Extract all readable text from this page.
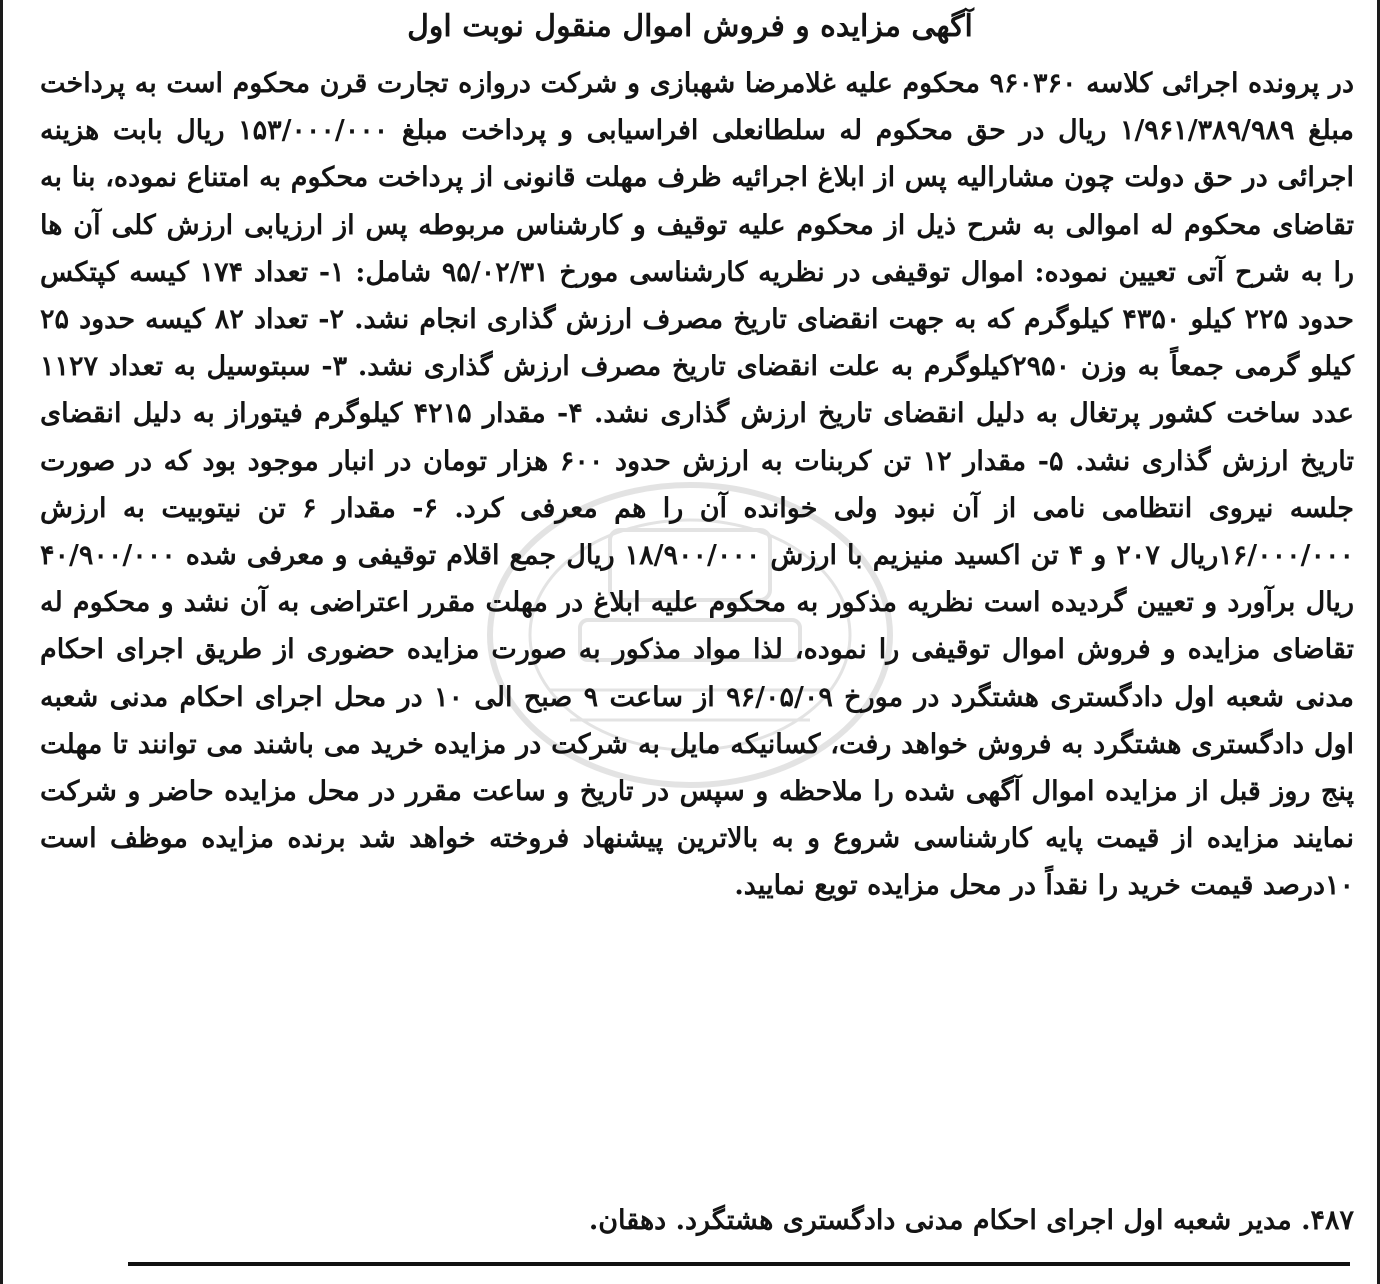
آگهی مزایده و فروش اموال منقول نوبت اول

در پرونده اجرائی کلاسه ۹۶۰۳۶۰ محکوم علیه غلامرضا شهبازی و شرکت دروازه تجارت قرن محکوم است به پرداخت مبلغ ۱/۹۶۱/۳۸۹/۹۸۹ ریال در حق محکوم له سلطانعلی افراسیابی و پرداخت مبلغ ۱۵۳/۰۰۰/۰۰۰ ریال بابت هزینه اجرائی در حق دولت چون مشارالیه پس از ابلاغ اجرائیه ظرف مهلت قانونی از پرداخت محکوم به امتناع نموده، بنا به تقاضای محکوم له اموالی به شرح ذیل از محکوم علیه توقیف و کارشناس مربوطه پس از ارزیابی ارزش کلی آن ها را به شرح آتی تعیین نموده: اموال توقیفی در نظریه کارشناسی مورخ ۹۵/۰۲/۳۱ شامل: ۱- تعداد ۱۷۴ کیسه کپتکس حدود ۲۲۵ کیلو ۴۳۵۰ کیلوگرم که به جهت انقضای تاریخ مصرف ارزش گذاری انجام نشد. ۲- تعداد ۸۲ کیسه حدود ۲۵ کیلو گرمی جمعاً به وزن ۲۹۵۰کیلوگرم به علت انقضای تاریخ مصرف ارزش گذاری نشد. ۳- سبتوسیل به تعداد ۱۱۲۷ عدد ساخت کشور پرتغال به دلیل انقضای تاریخ ارزش گذاری نشد. ۴- مقدار ۴۲۱۵ کیلوگرم فیتوراز به دلیل انقضای تاریخ ارزش گذاری نشد. ۵- مقدار ۱۲ تن کربنات به ارزش حدود ۶۰۰ هزار تومان در انبار موجود بود که در صورت جلسه نیروی انتظامی نامی از آن نبود ولی خوانده آن را هم معرفی کرد. ۶- مقدار ۶ تن نیتوبیت به ارزش ۱۶/۰۰۰/۰۰۰ریال ۲۰۷ و ۴ تن اکسید منیزیم با ارزش ۱۸/۹۰۰/۰۰۰ ریال جمع اقلام توقیفی و معرفی شده ۴۰/۹۰۰/۰۰۰ ریال برآورد و تعیین گردیده است نظریه مذکور به محکوم علیه ابلاغ در مهلت مقرر اعتراضی به آن نشد و محکوم له تقاضای مزایده و فروش اموال توقیفی را نموده، لذا مواد مذکور به صورت مزایده حضوری از طریق اجرای احکام مدنی شعبه اول دادگستری هشتگرد در مورخ ۹۶/۰۵/۰۹ از ساعت ۹ صبح الی ۱۰ در محل اجرای احکام مدنی شعبه اول دادگستری هشتگرد به فروش خواهد رفت، کسانیکه مایل به شرکت در مزایده خرید می باشند می توانند تا مهلت پنج روز قبل از مزایده اموال آگهی شده را ملاحظه و سپس در تاریخ و ساعت مقرر در محل مزایده حاضر و شرکت نمایند مزایده از قیمت پایه کارشناسی شروع و به بالاترین پیشنهاد فروخته خواهد شد برنده مزایده موظف است ۱۰درصد قیمت خرید را نقداً در محل مزایده تویع نمایید.

۴۸۷. مدیر شعبه اول اجرای احکام مدنی دادگستری هشتگرد. دهقان.
